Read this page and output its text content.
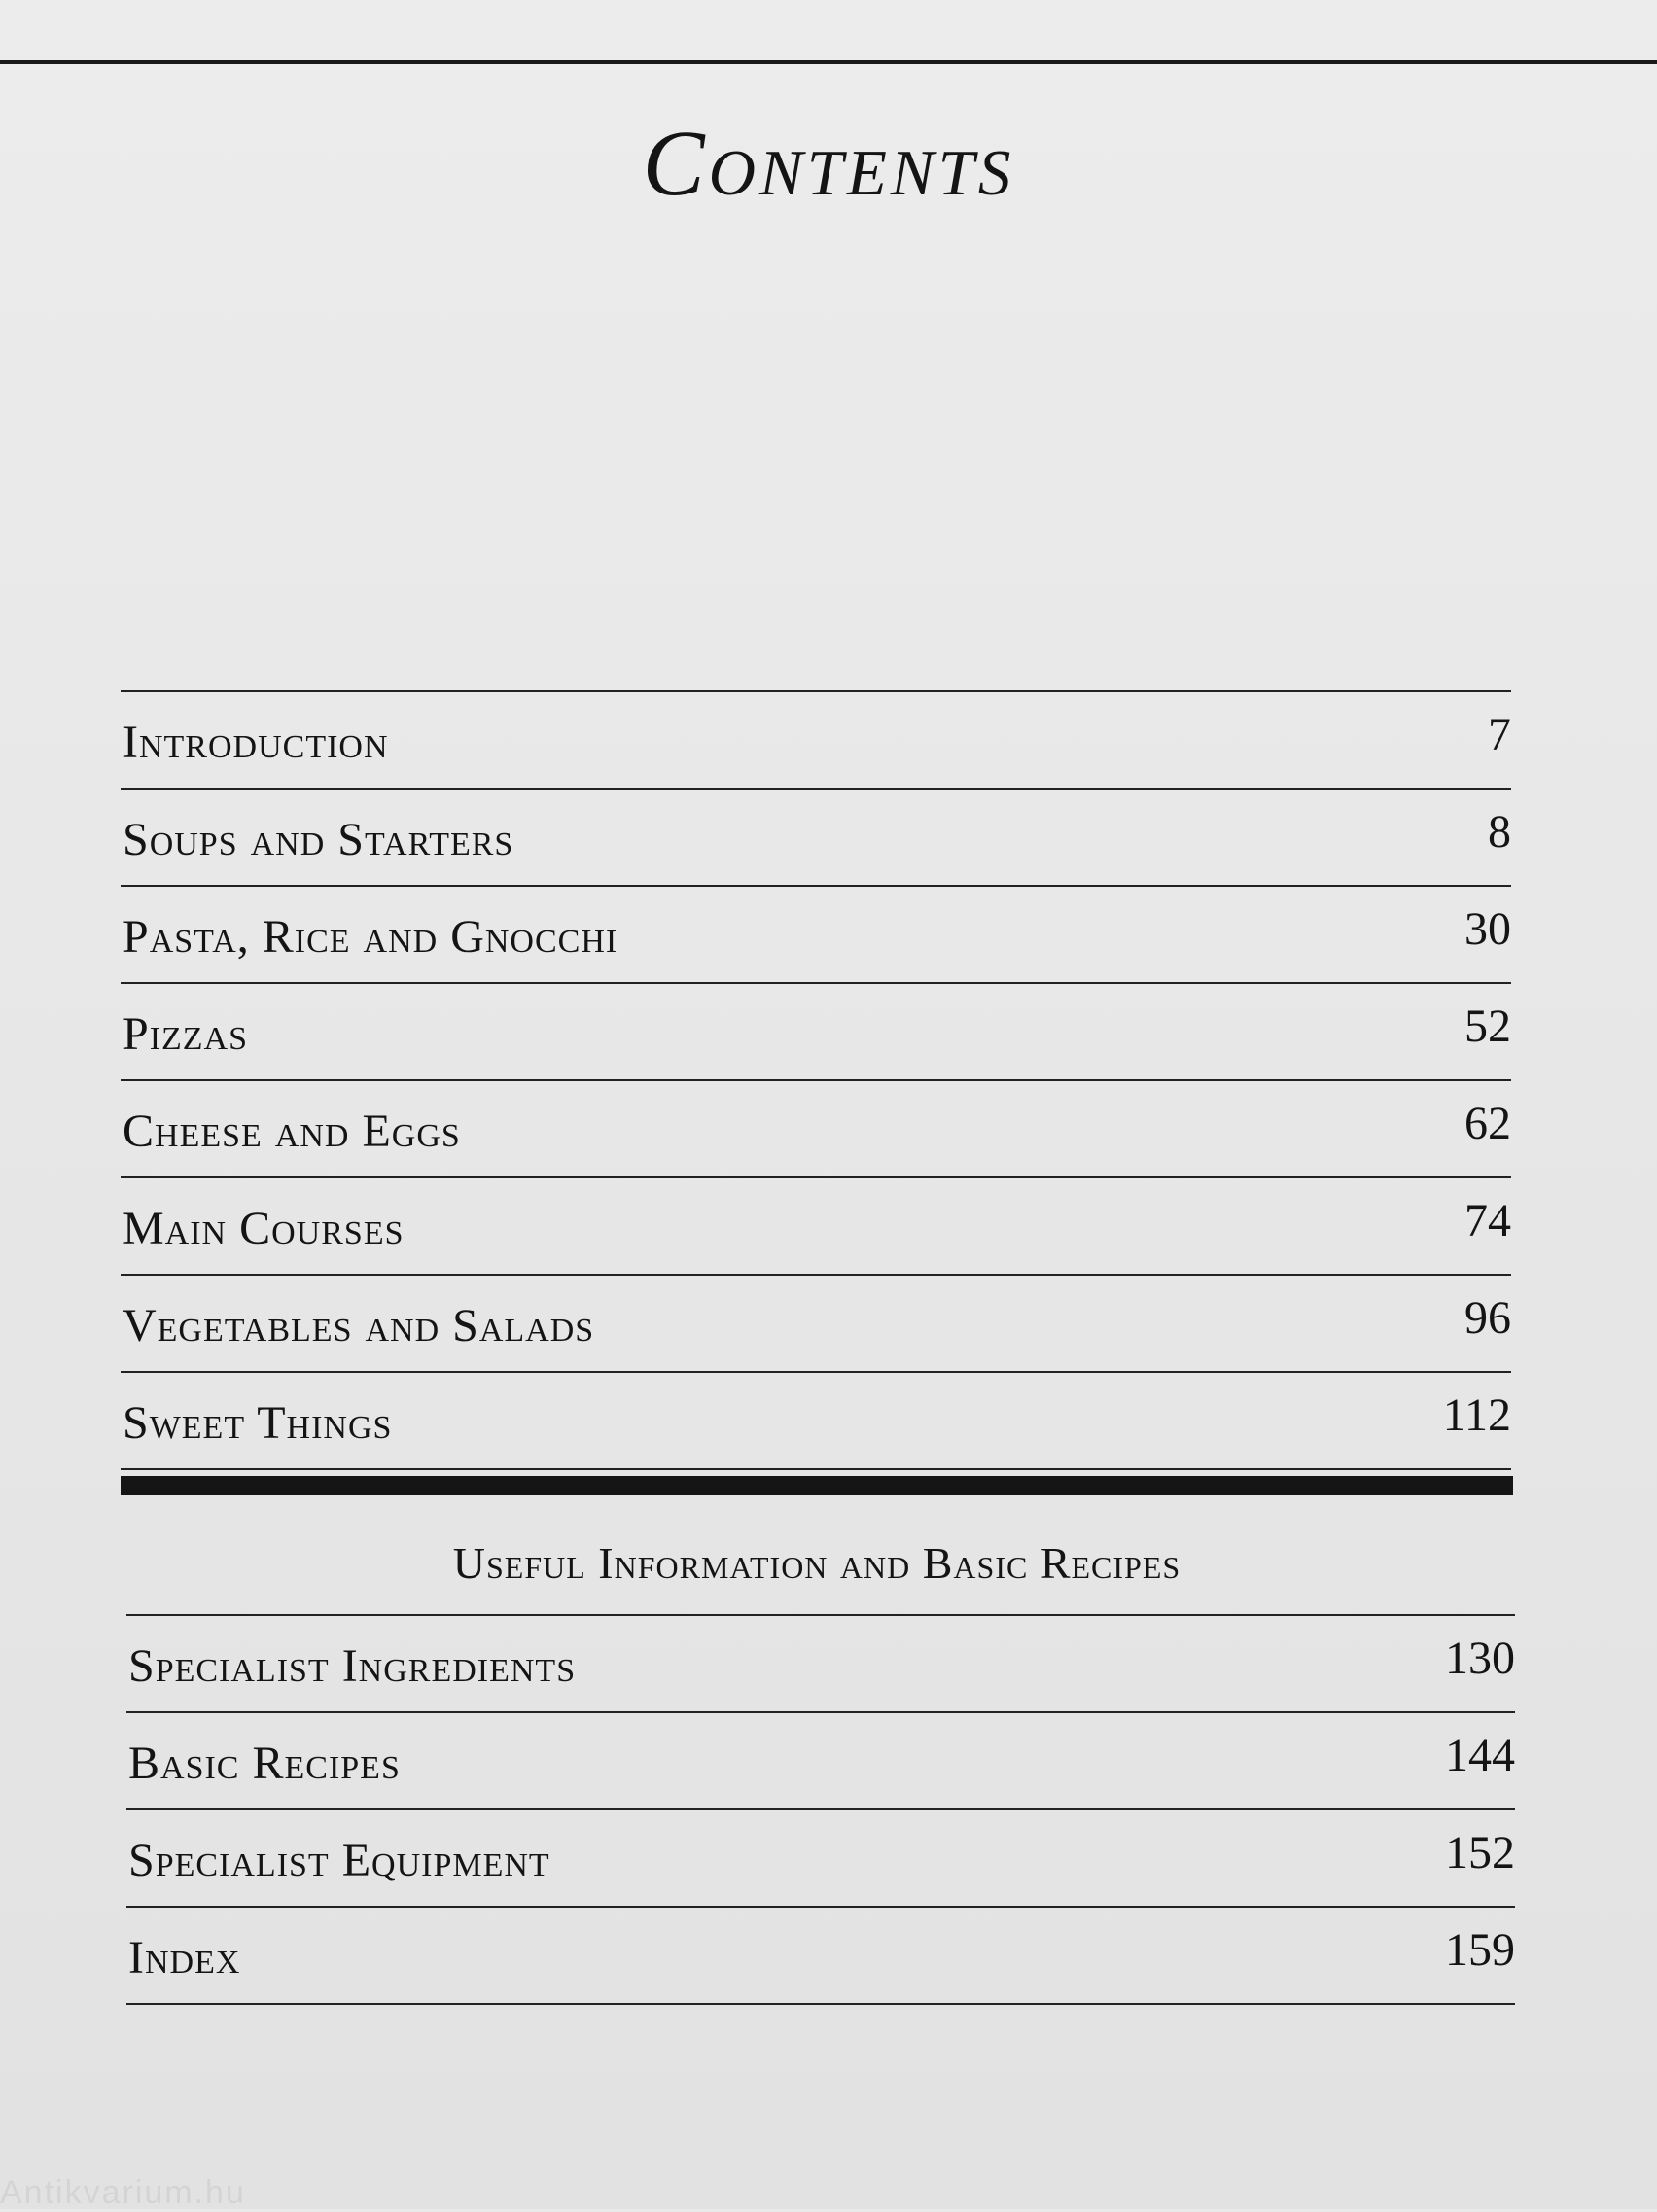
Contents
Introduction	7
Soups and Starters	8
Pasta, Rice and Gnocchi	30
Pizzas	52
Cheese and Eggs	62
Main Courses	74
Vegetables and Salads	96
Sweet Things	112
Useful Information and Basic Recipes
Specialist Ingredients	130
Basic Recipes	144
Specialist Equipment	152
Index	159
Antikvarium.hu
